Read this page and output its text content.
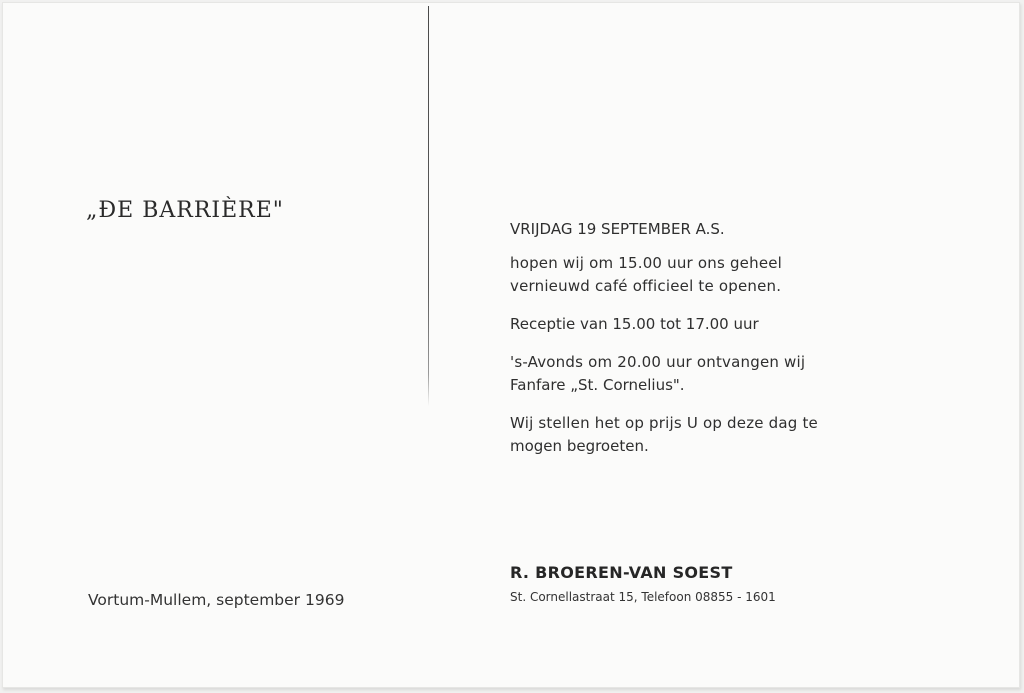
„ÐE BARRIÈRE"
Vortum-Mullem, september 1969

VRIJDAG 19 SEPTEMBER A.S.

hopen wij om 15.00 uur ons geheel

vernieuwd café officieel te openen.

Receptie van 15.00 tot 17.00 uur

's-Avonds om 20.00 uur ontvangen wij

Fanfare „St. Cornelius".

Wij stellen het op prijs U op deze dag te

mogen begroeten.

R. BROEREN-VAN SOEST
St. Cornellastraat 15, Telefoon 08855 - 1601
